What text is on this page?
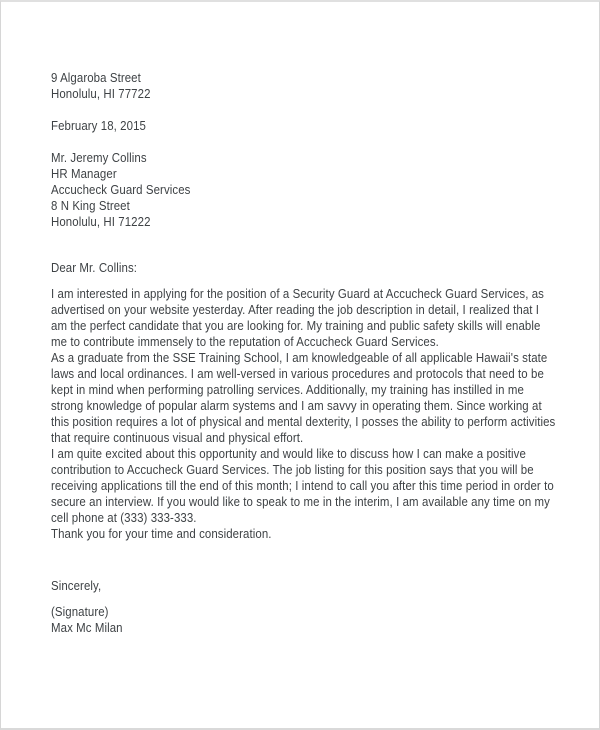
9 Algaroba Street

Honolulu, HI 77722

February 18, 2015

Mr. Jeremy Collins

HR Manager

Accucheck Guard Services

8 N King Street

Honolulu, HI 71222

Dear Mr. Collins:

I am interested in applying for the position of a Security Guard at Accucheck Guard Services, as advertised on your website yesterday. After reading the job description in detail, I realized that I am the perfect candidate that you are looking for. My training and public safety skills will enable me to contribute immensely to the reputation of Accucheck Guard Services.

As a graduate from the SSE Training School, I am knowledgeable of all applicable Hawaii's state laws and local ordinances. I am well-versed in various procedures and protocols that need to be kept in mind when performing patrolling services. Additionally, my training has instilled in me strong knowledge of popular alarm systems and I am savvy in operating them. Since working at this position requires a lot of physical and mental dexterity, I posses the ability to perform activities that require continuous visual and physical effort.

I am quite excited about this opportunity and would like to discuss how I can make a positive contribution to Accucheck Guard Services. The job listing for this position says that you will be receiving applications till the end of this month; I intend to call you after this time period in order to secure an interview. If you would like to speak to me in the interim, I am available any time on my cell phone at (333) 333-333.

Thank you for your time and consideration.

Sincerely,

(Signature)

Max Mc Milan
